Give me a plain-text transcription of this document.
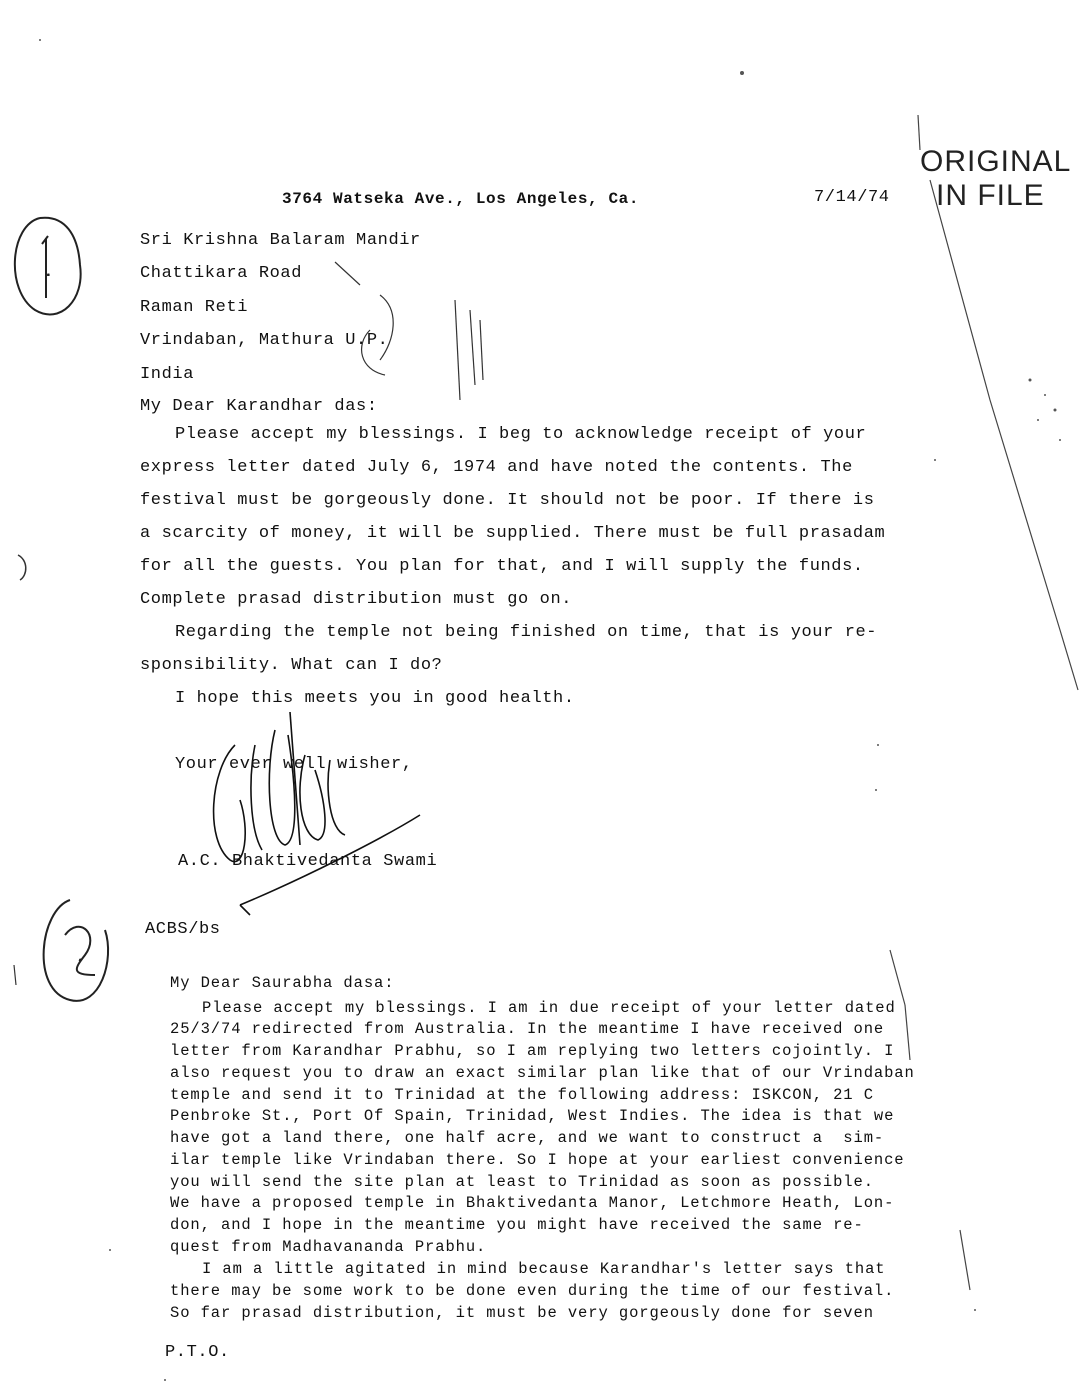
ORIGINAL
IN FILE
3764 Watseka Ave., Los Angeles, Ca.	7/14/74
Sri Krishna Balaram Mandir
Chattikara Road
Raman Reti
Vrindaban, Mathura U.P.
India
My Dear Karandhar das:
Please accept my blessings. I beg to acknowledge receipt of your
express letter dated July 6, 1974 and have noted the contents. The
festival must be gorgeously done. It should not be poor. If there is
a scarcity of money, it will be supplied. There must be full prasadam
for all the guests. You plan for that, and I will supply the funds.
Complete prasad distribution must go on.
Regarding the temple not being finished on time, that is your re-
sponsibility. What can I do?
I hope this meets you in good health.
Your ever well wisher,
A.C. Bhaktivedanta Swami
ACBS/bs
My Dear Saurabha dasa:
Please accept my blessings. I am in due receipt of your letter dated
25/3/74 redirected from Australia. In the meantime I have received one
letter from Karandhar Prabhu, so I am replying two letters cojointly. I
also request you to draw an exact similar plan like that of our Vrindaban
temple and send it to Trinidad at the following address: ISKCON, 21 C
Penbroke St., Port Of Spain, Trinidad, West Indies. The idea is that we
have got a land there, one half acre, and we want to construct a  sim-
ilar temple like Vrindaban there. So I hope at your earliest convenience
you will send the site plan at least to Trinidad as soon as possible.
We have a proposed temple in Bhaktivedanta Manor, Letchmore Heath, Lon-
don, and I hope in the meantime you might have received the same re-
quest from Madhavananda Prabhu.
I am a little agitated in mind because Karandhar's letter says that
there may be some work to be done even during the time of our festival.
So far prasad distribution, it must be very gorgeously done for seven
P.T.O.
1
2
